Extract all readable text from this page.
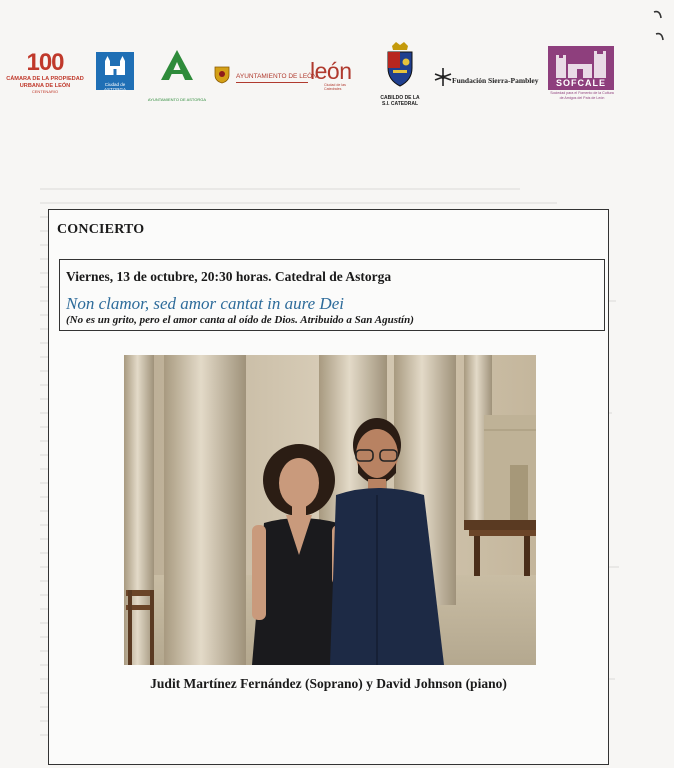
100
CÁMARA DE LA PROPIEDAD
URBANA DE LEÓN
CENTENARIO
Ciudad de ASTORGA
AYUNTAMIENTO DE ASTORGA
AYUNTAMIENTO DE LEÓN
león
Ciudad de las Catedrales
CABILDO DE LA
S.I. CATEDRAL
Fundación Sierra-Pambley	SOFCALE
Sociedad para el Fomento de la Cultura de Amigos del País de León
CONCIERTO
Viernes, 13 de octubre, 20:30 horas. Catedral de Astorga
Non clamor, sed amor cantat in aure Dei
(No es un grito, pero el amor canta al oído de Dios. Atribuido a San Agustín)
Judit Martínez Fernández (Soprano) y David Johnson (piano)
